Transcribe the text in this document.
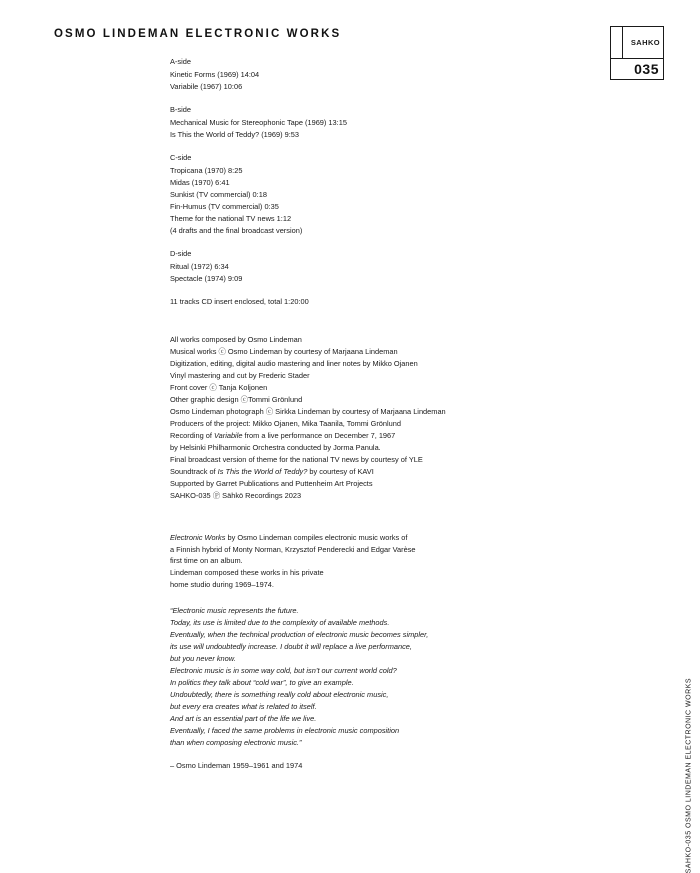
OSMO LINDEMAN ELECTRONIC WORKS
SAHKO
035
A-side
Kinetic Forms (1969) 14:04
Variabile (1967) 10:06
B-side
Mechanical Music for Stereophonic Tape (1969) 13:15
Is This the World of Teddy? (1969) 9:53
C-side
Tropicana (1970) 8:25
Midas (1970) 6:41
Sunkist (TV commercial) 0:18
Fin-Humus (TV commercial) 0:35
Theme for the national TV news 1:12
(4 drafts and the final broadcast version)
D-side
Ritual (1972) 6:34
Spectacle (1974) 9:09
11 tracks CD insert enclosed, total 1:20:00
All works composed by Osmo Lindeman
Musical works ⓒ Osmo Lindeman by courtesy of Marjaana Lindeman
Digitization, editing, digital audio mastering and liner notes by Mikko Ojanen
Vinyl mastering and cut by Frederic Stader
Front cover ⓒ Tanja Koljonen
Other graphic design ⓒTommi Grönlund
Osmo Lindeman photograph ⓒ Sirkka Lindeman by courtesy of Marjaana Lindeman
Producers of the project: Mikko Ojanen, Mika Taanila, Tommi Grönlund
Recording of Variabile from a live performance on December 7, 1967
by Helsinki Philharmonic Orchestra conducted by Jorma Panula.
Final broadcast version of theme for the national TV news by courtesy of YLE
Soundtrack of Is This the World of Teddy? by courtesy of KAVI
Supported by Garret Publications and Puttenheim Art Projects
SAHKO-035 Ⓟ Sähkö Recordings 2023
Electronic Works by Osmo Lindeman compiles electronic music works of
a Finnish hybrid of Monty Norman, Krzysztof Penderecki and Edgar Varèse
first time on an album.
Lindeman composed these works in his private
home studio during 1969–1974.
“Electronic music represents the future.
Today, its use is limited due to the complexity of available methods.
Eventually, when the technical production of electronic music becomes simpler,
its use will undoubtedly increase. I doubt it will replace a live performance,
but you never know.
Electronic music is in some way cold, but isn’t our current world cold?
In politics they talk about “cold war”, to give an example.
Undoubtedly, there is something really cold about electronic music,
but every era creates what is related to itself.
And art is an essential part of the life we live.
Eventually, I faced the same problems in electronic music composition
than when composing electronic music.”
– Osmo Lindeman 1959–1961 and 1974	SAHKO-035 OSMO LINDEMAN ELECTRONIC WORKS
